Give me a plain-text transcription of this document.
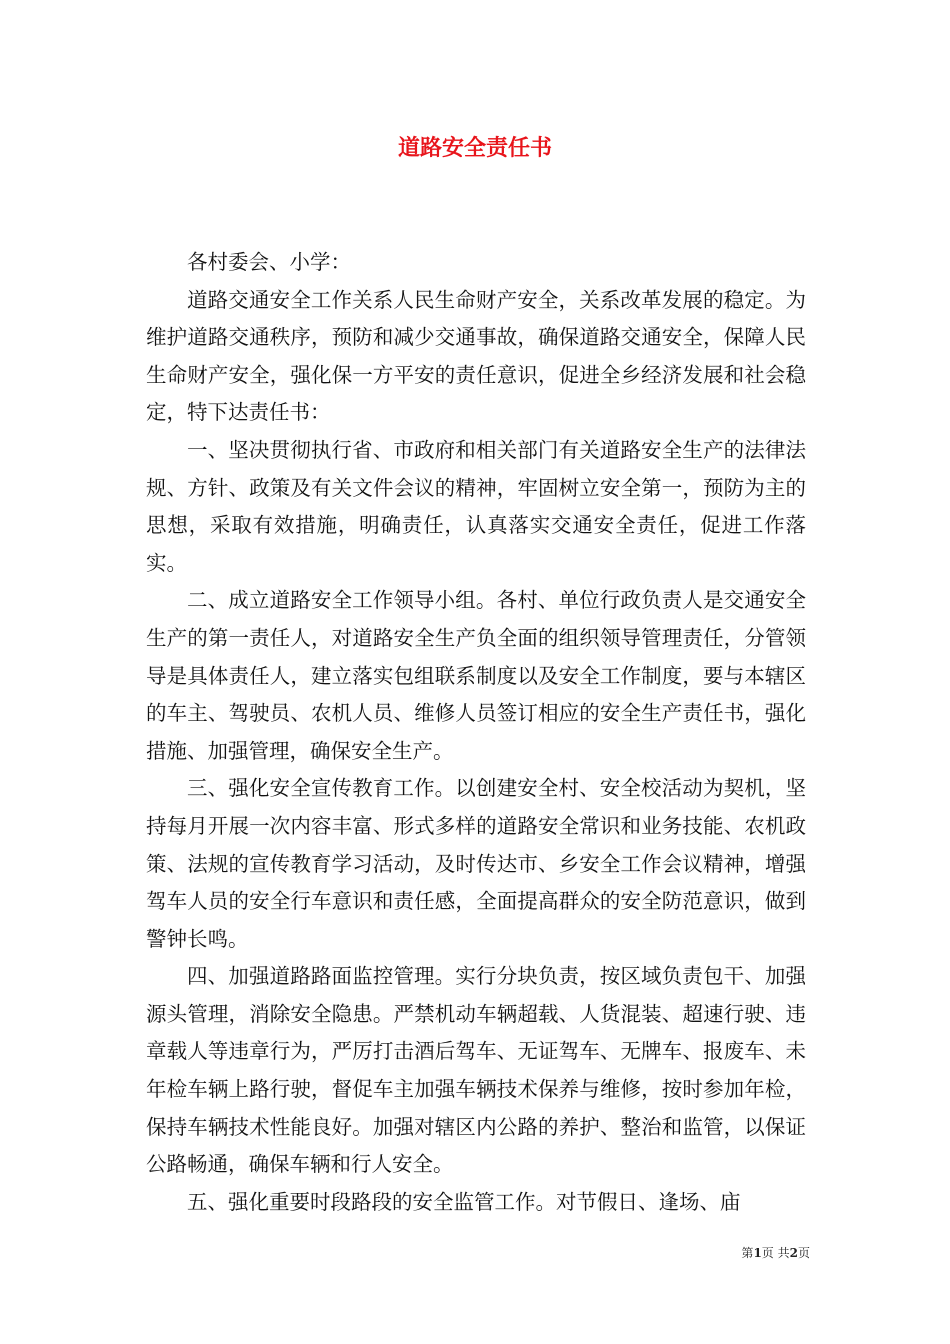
道路安全责任书

各村委会、小学：

道路交通安全工作关系人民生命财产安全，关系改革发展的稳定。为维护道路交通秩序，预防和减少交通事故，确保道路交通安全，保障人民生命财产安全，强化保一方平安的责任意识，促进全乡经济发展和社会稳定，特下达责任书：

一、坚决贯彻执行省、市政府和相关部门有关道路安全生产的法律法规、方针、政策及有关文件会议的精神，牢固树立安全第一，预防为主的思想，采取有效措施，明确责任，认真落实交通安全责任，促进工作落实。

二、成立道路安全工作领导小组。各村、单位行政负责人是交通安全生产的第一责任人，对道路安全生产负全面的组织领导管理责任，分管领导是具体责任人，建立落实包组联系制度以及安全工作制度，要与本辖区的车主、驾驶员、农机人员、维修人员签订相应的安全生产责任书，强化措施、加强管理，确保安全生产。

三、强化安全宣传教育工作。以创建安全村、安全校活动为契机，坚持每月开展一次内容丰富、形式多样的道路安全常识和业务技能、农机政策、法规的宣传教育学习活动，及时传达市、乡安全工作会议精神，增强驾车人员的安全行车意识和责任感，全面提高群众的安全防范意识，做到警钟长鸣。

四、加强道路路面监控管理。实行分块负责，按区域负责包干、加强源头管理，消除安全隐患。严禁机动车辆超载、人货混装、超速行驶、违章载人等违章行为，严厉打击酒后驾车、无证驾车、无牌车、报废车、未年检车辆上路行驶，督促车主加强车辆技术保养与维修，按时参加年检，保持车辆技术性能良好。加强对辖区内公路的养护、整治和监管，以保证公路畅通，确保车辆和行人安全。

五、强化重要时段路段的安全监管工作。对节假日、逢场、庙

第1页 共2页
